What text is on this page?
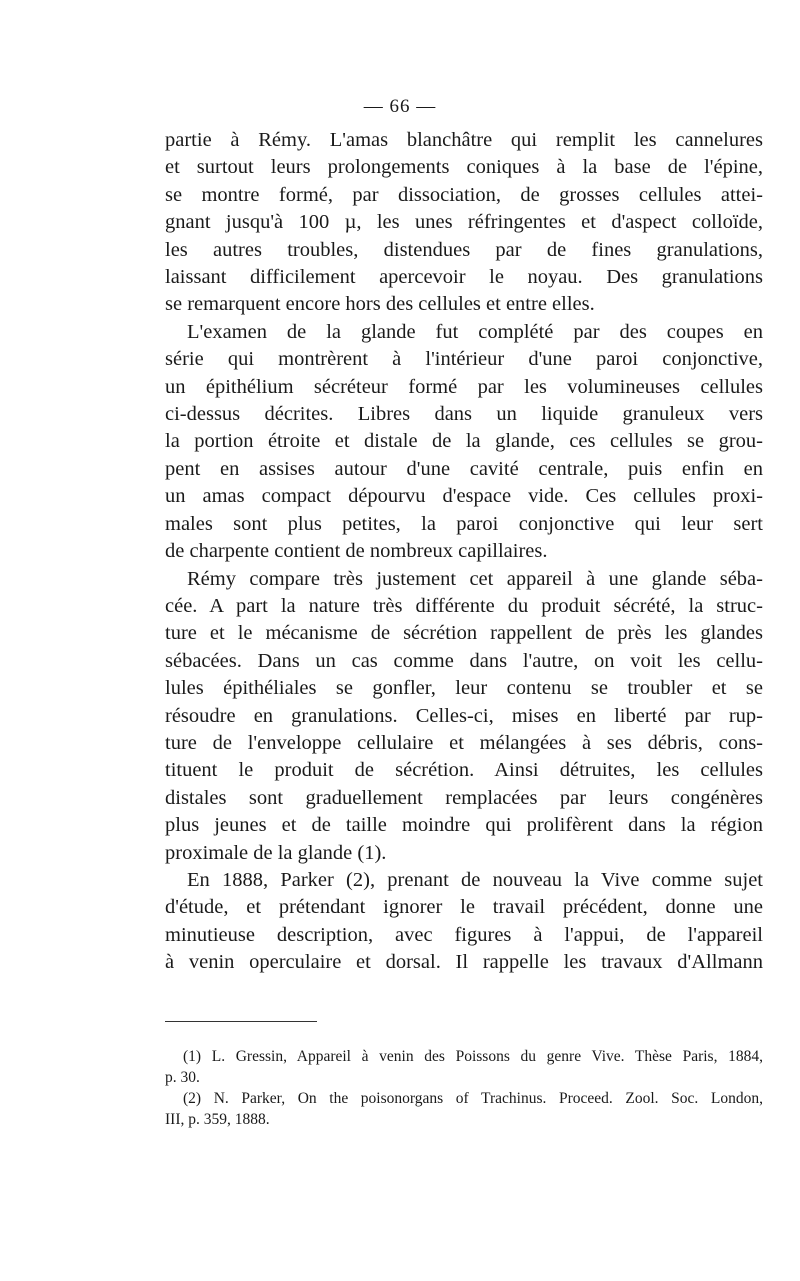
— 66 —
partie à Rémy. L'amas blanchâtre qui remplit les cannelures
et surtout leurs prolongements coniques à la base de l'épine,
se montre formé, par dissociation, de grosses cellules attei-
gnant jusqu'à 100 µ, les unes réfringentes et d'aspect colloïde,
les autres troubles, distendues par de fines granulations,
laissant difficilement apercevoir le noyau. Des granulations
se remarquent encore hors des cellules et entre elles.
L'examen de la glande fut complété par des coupes en
série qui montrèrent à l'intérieur d'une paroi conjonctive,
un épithélium sécréteur formé par les volumineuses cellules
ci-dessus décrites. Libres dans un liquide granuleux vers
la portion étroite et distale de la glande, ces cellules se grou-
pent en assises autour d'une cavité centrale, puis enfin en
un amas compact dépourvu d'espace vide. Ces cellules proxi-
males sont plus petites, la paroi conjonctive qui leur sert
de charpente contient de nombreux capillaires.
Rémy compare très justement cet appareil à une glande séba-
cée. A part la nature très différente du produit sécrété, la struc-
ture et le mécanisme de sécrétion rappellent de près les glandes
sébacées. Dans un cas comme dans l'autre, on voit les cellu-
lules épithéliales se gonfler, leur contenu se troubler et se
résoudre en granulations. Celles-ci, mises en liberté par rup-
ture de l'enveloppe cellulaire et mélangées à ses débris, cons-
tituent le produit de sécrétion. Ainsi détruites, les cellules
distales sont graduellement remplacées par leurs congénères
plus jeunes et de taille moindre qui prolifèrent dans la région
proximale de la glande (1).
En 1888, Parker (2), prenant de nouveau la Vive comme sujet
d'étude, et prétendant ignorer le travail précédent, donne une
minutieuse description, avec figures à l'appui, de l'appareil
à venin operculaire et dorsal. Il rappelle les travaux d'Allmann
(1) L. Gressin, Appareil à venin des Poissons du genre Vive. Thèse Paris, 1884,
p. 30.
(2) N. Parker, On the poisonorgans of Trachinus. Proceed. Zool. Soc. London,
III, p. 359, 1888.
